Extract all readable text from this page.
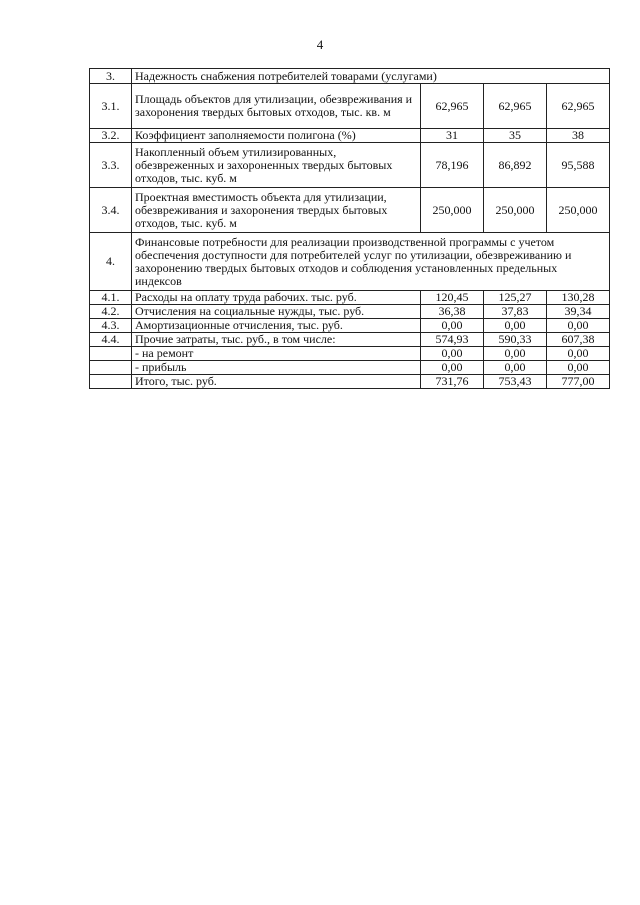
4
3.	Надежность снабжения потребителей товарами (услугами)			
3.1.	Площадь объектов для утилизации, обезвреживания и захоронения твердых бытовых отходов, тыс. кв. м	62,965	62,965	62,965
3.2.	Коэффициент заполняемости полигона (%)	31	35	38
3.3.	Накопленный объем утилизированных, обезвреженных и захороненных твердых бытовых отходов, тыс. куб. м	78,196	86,892	95,588
3.4.	Проектная вместимость объекта для утилизации, обезвреживания и захоронения твердых бытовых отходов, тыс. куб. м	250,000	250,000	250,000
4.	Финансовые потребности для реализации производственной программы с учетом обеспечения доступности для потребителей услуг по утилизации, обезвреживанию и захоронению твердых бытовых отходов и соблюдения установленных предельных индексов			
4.1.	Расходы на оплату труда рабочих. тыс. руб.	120,45	125,27	130,28
4.2.	Отчисления на социальные нужды, тыс. руб.	36,38	37,83	39,34
4.3.	Амортизационные отчисления, тыс. руб.	0,00	0,00	0,00
4.4.	Прочие затраты, тыс. руб., в том числе:	574,93	590,33	607,38
	- на ремонт	0,00	0,00	0,00
	- прибыль	0,00	0,00	0,00
	Итого, тыс. руб.	731,76	753,43	777,00
